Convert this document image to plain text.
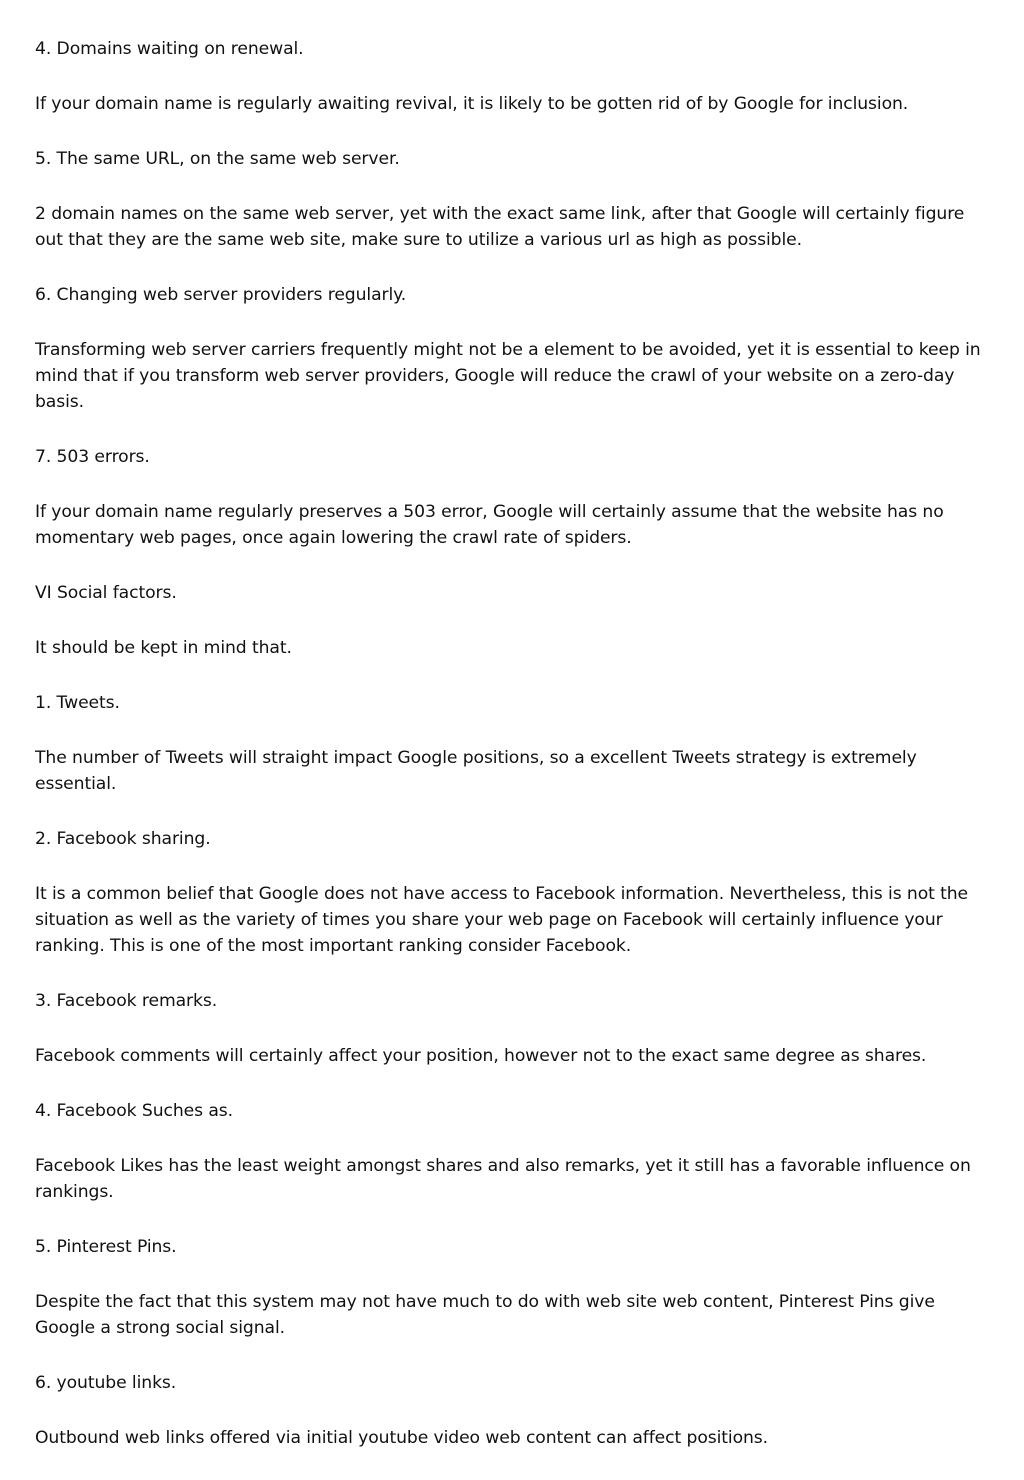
4. Domains waiting on renewal.

If your domain name is regularly awaiting revival, it is likely to be gotten rid of by Google for inclusion.

5. The same URL, on the same web server.

2 domain names on the same web server, yet with the exact same link, after that Google will certainly figure out that they are the same web site, make sure to utilize a various url as high as possible.

6. Changing web server providers regularly.

Transforming web server carriers frequently might not be a element to be avoided, yet it is essential to keep in mind that if you transform web server providers, Google will reduce the crawl of your website on a zero-day basis.

7. 503 errors.

If your domain name regularly preserves a 503 error, Google will certainly assume that the website has no momentary web pages, once again lowering the crawl rate of spiders.

VI Social factors.

It should be kept in mind that.

1. Tweets.

The number of Tweets will straight impact Google positions, so a excellent Tweets strategy is extremely essential.

2. Facebook sharing.

It is a common belief that Google does not have access to Facebook information. Nevertheless, this is not the situation as well as the variety of times you share your web page on Facebook will certainly influence your ranking. This is one of the most important ranking consider Facebook.

3. Facebook remarks.

Facebook comments will certainly affect your position, however not to the exact same degree as shares.

4. Facebook Suches as.

Facebook Likes has the least weight amongst shares and also remarks, yet it still has a favorable influence on rankings.

5. Pinterest Pins.

Despite the fact that this system may not have much to do with web site web content, Pinterest Pins give Google a strong social signal.

6. youtube links.

Outbound web links offered via initial youtube video web content can affect positions.
